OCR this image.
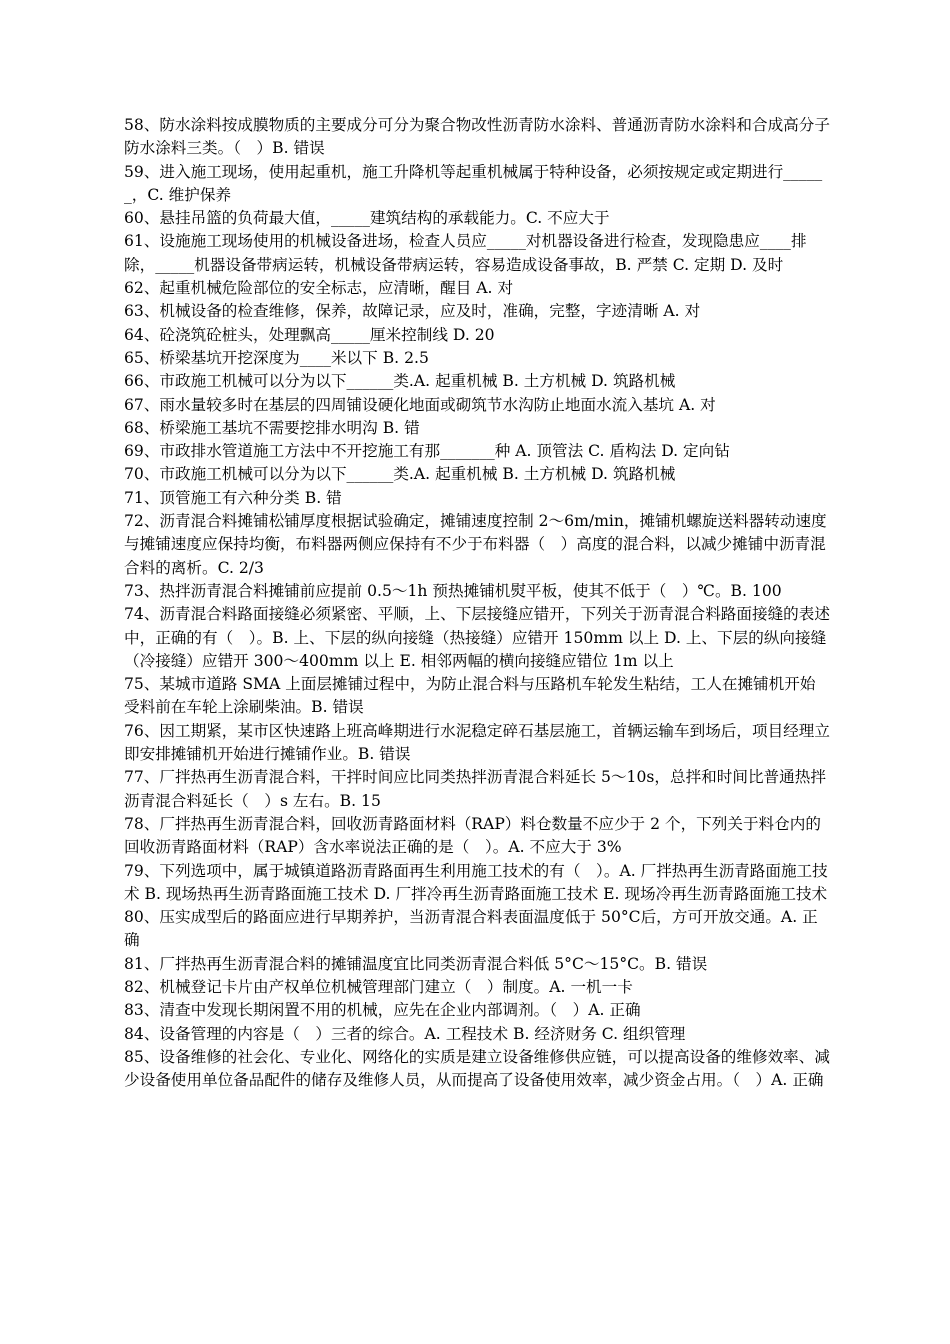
58、防水涂料按成膜物质的主要成分可分为聚合物改性沥青防水涂料、普通沥青防水涂料和合成高分子防水涂料三类。（　）B. 错误

59、进入施工现场，使用起重机，施工升降机等起重机械属于特种设备，必须按规定或定期进行______，C. 维护保养

60、悬挂吊篮的负荷最大值，_____建筑结构的承载能力。C. 不应大于

61、设施施工现场使用的机械设备进场，检查人员应_____对机器设备进行检查，发现隐患应____排除，_____机器设备带病运转，机械设备带病运转，容易造成设备事故，B. 严禁 C. 定期 D. 及时

62、起重机械危险部位的安全标志，应清晰，醒目 A. 对

63、机械设备的检查维修，保养，故障记录，应及时，准确，完整，字迹清晰 A. 对

64、砼浇筑砼桩头，处理飘高_____厘米控制线 D. 20

65、桥梁基坑开挖深度为____米以下 B. 2.5

66、市政施工机械可以分为以下______类.A. 起重机械 B. 土方机械 D. 筑路机械

67、雨水量较多时在基层的四周铺设硬化地面或砌筑节水沟防止地面水流入基坑 A. 对

68、桥梁施工基坑不需要挖排水明沟 B. 错

69、市政排水管道施工方法中不开挖施工有那_______种 A. 顶管法 C. 盾构法 D. 定向钻

70、市政施工机械可以分为以下______类.A. 起重机械 B. 土方机械 D. 筑路机械

71、顶管施工有六种分类 B. 错

72、沥青混合料摊铺松铺厚度根据试验确定，摊铺速度控制 2～6m/min，摊铺机螺旋送料器转动速度与摊铺速度应保持均衡，布料器两侧应保持有不少于布料器（　）高度的混合料，以减少摊铺中沥青混合料的离析。C. 2/3

73、热拌沥青混合料摊铺前应提前 0.5～1h 预热摊铺机熨平板，使其不低于（　）℃。B. 100

74、沥青混合料路面接缝必须紧密、平顺，上、下层接缝应错开，下列关于沥青混合料路面接缝的表述中，正确的有（　）。B. 上、下层的纵向接缝（热接缝）应错开 150mm 以上 D. 上、下层的纵向接缝（冷接缝）应错开 300～400mm 以上 E. 相邻两幅的横向接缝应错位 1m 以上

75、某城市道路 SMA 上面层摊铺过程中，为防止混合料与压路机车轮发生粘结，工人在摊铺机开始受料前在车轮上涂刷柴油。B. 错误

76、因工期紧，某市区快速路上班高峰期进行水泥稳定碎石基层施工，首辆运输车到场后，项目经理立即安排摊铺机开始进行摊铺作业。B. 错误

77、厂拌热再生沥青混合料，干拌时间应比同类热拌沥青混合料延长 5～10s，总拌和时间比普通热拌沥青混合料延长（　）s 左右。B. 15

78、厂拌热再生沥青混合料，回收沥青路面材料（RAP）料仓数量不应少于 2 个，下列关于料仓内的回收沥青路面材料（RAP）含水率说法正确的是（　）。A. 不应大于 3%

79、下列选项中，属于城镇道路沥青路面再生利用施工技术的有（　）。A. 厂拌热再生沥青路面施工技术 B. 现场热再生沥青路面施工技术 D. 厂拌冷再生沥青路面施工技术 E. 现场冷再生沥青路面施工技术

80、压实成型后的路面应进行早期养护，当沥青混合料表面温度低于 50°C后，方可开放交通。A. 正确

81、厂拌热再生沥青混合料的摊铺温度宜比同类沥青混合料低 5°C～15°C。B. 错误

82、机械登记卡片由产权单位机械管理部门建立（　）制度。A. 一机一卡

83、清查中发现长期闲置不用的机械，应先在企业内部调剂。（　）A. 正确

84、设备管理的内容是（　）三者的综合。A. 工程技术 B. 经济财务 C. 组织管理

85、设备维修的社会化、专业化、网络化的实质是建立设备维修供应链，可以提高设备的维修效率、减少设备使用单位备品配件的储存及维修人员，从而提高了设备使用效率，减少资金占用。（　）A. 正确
